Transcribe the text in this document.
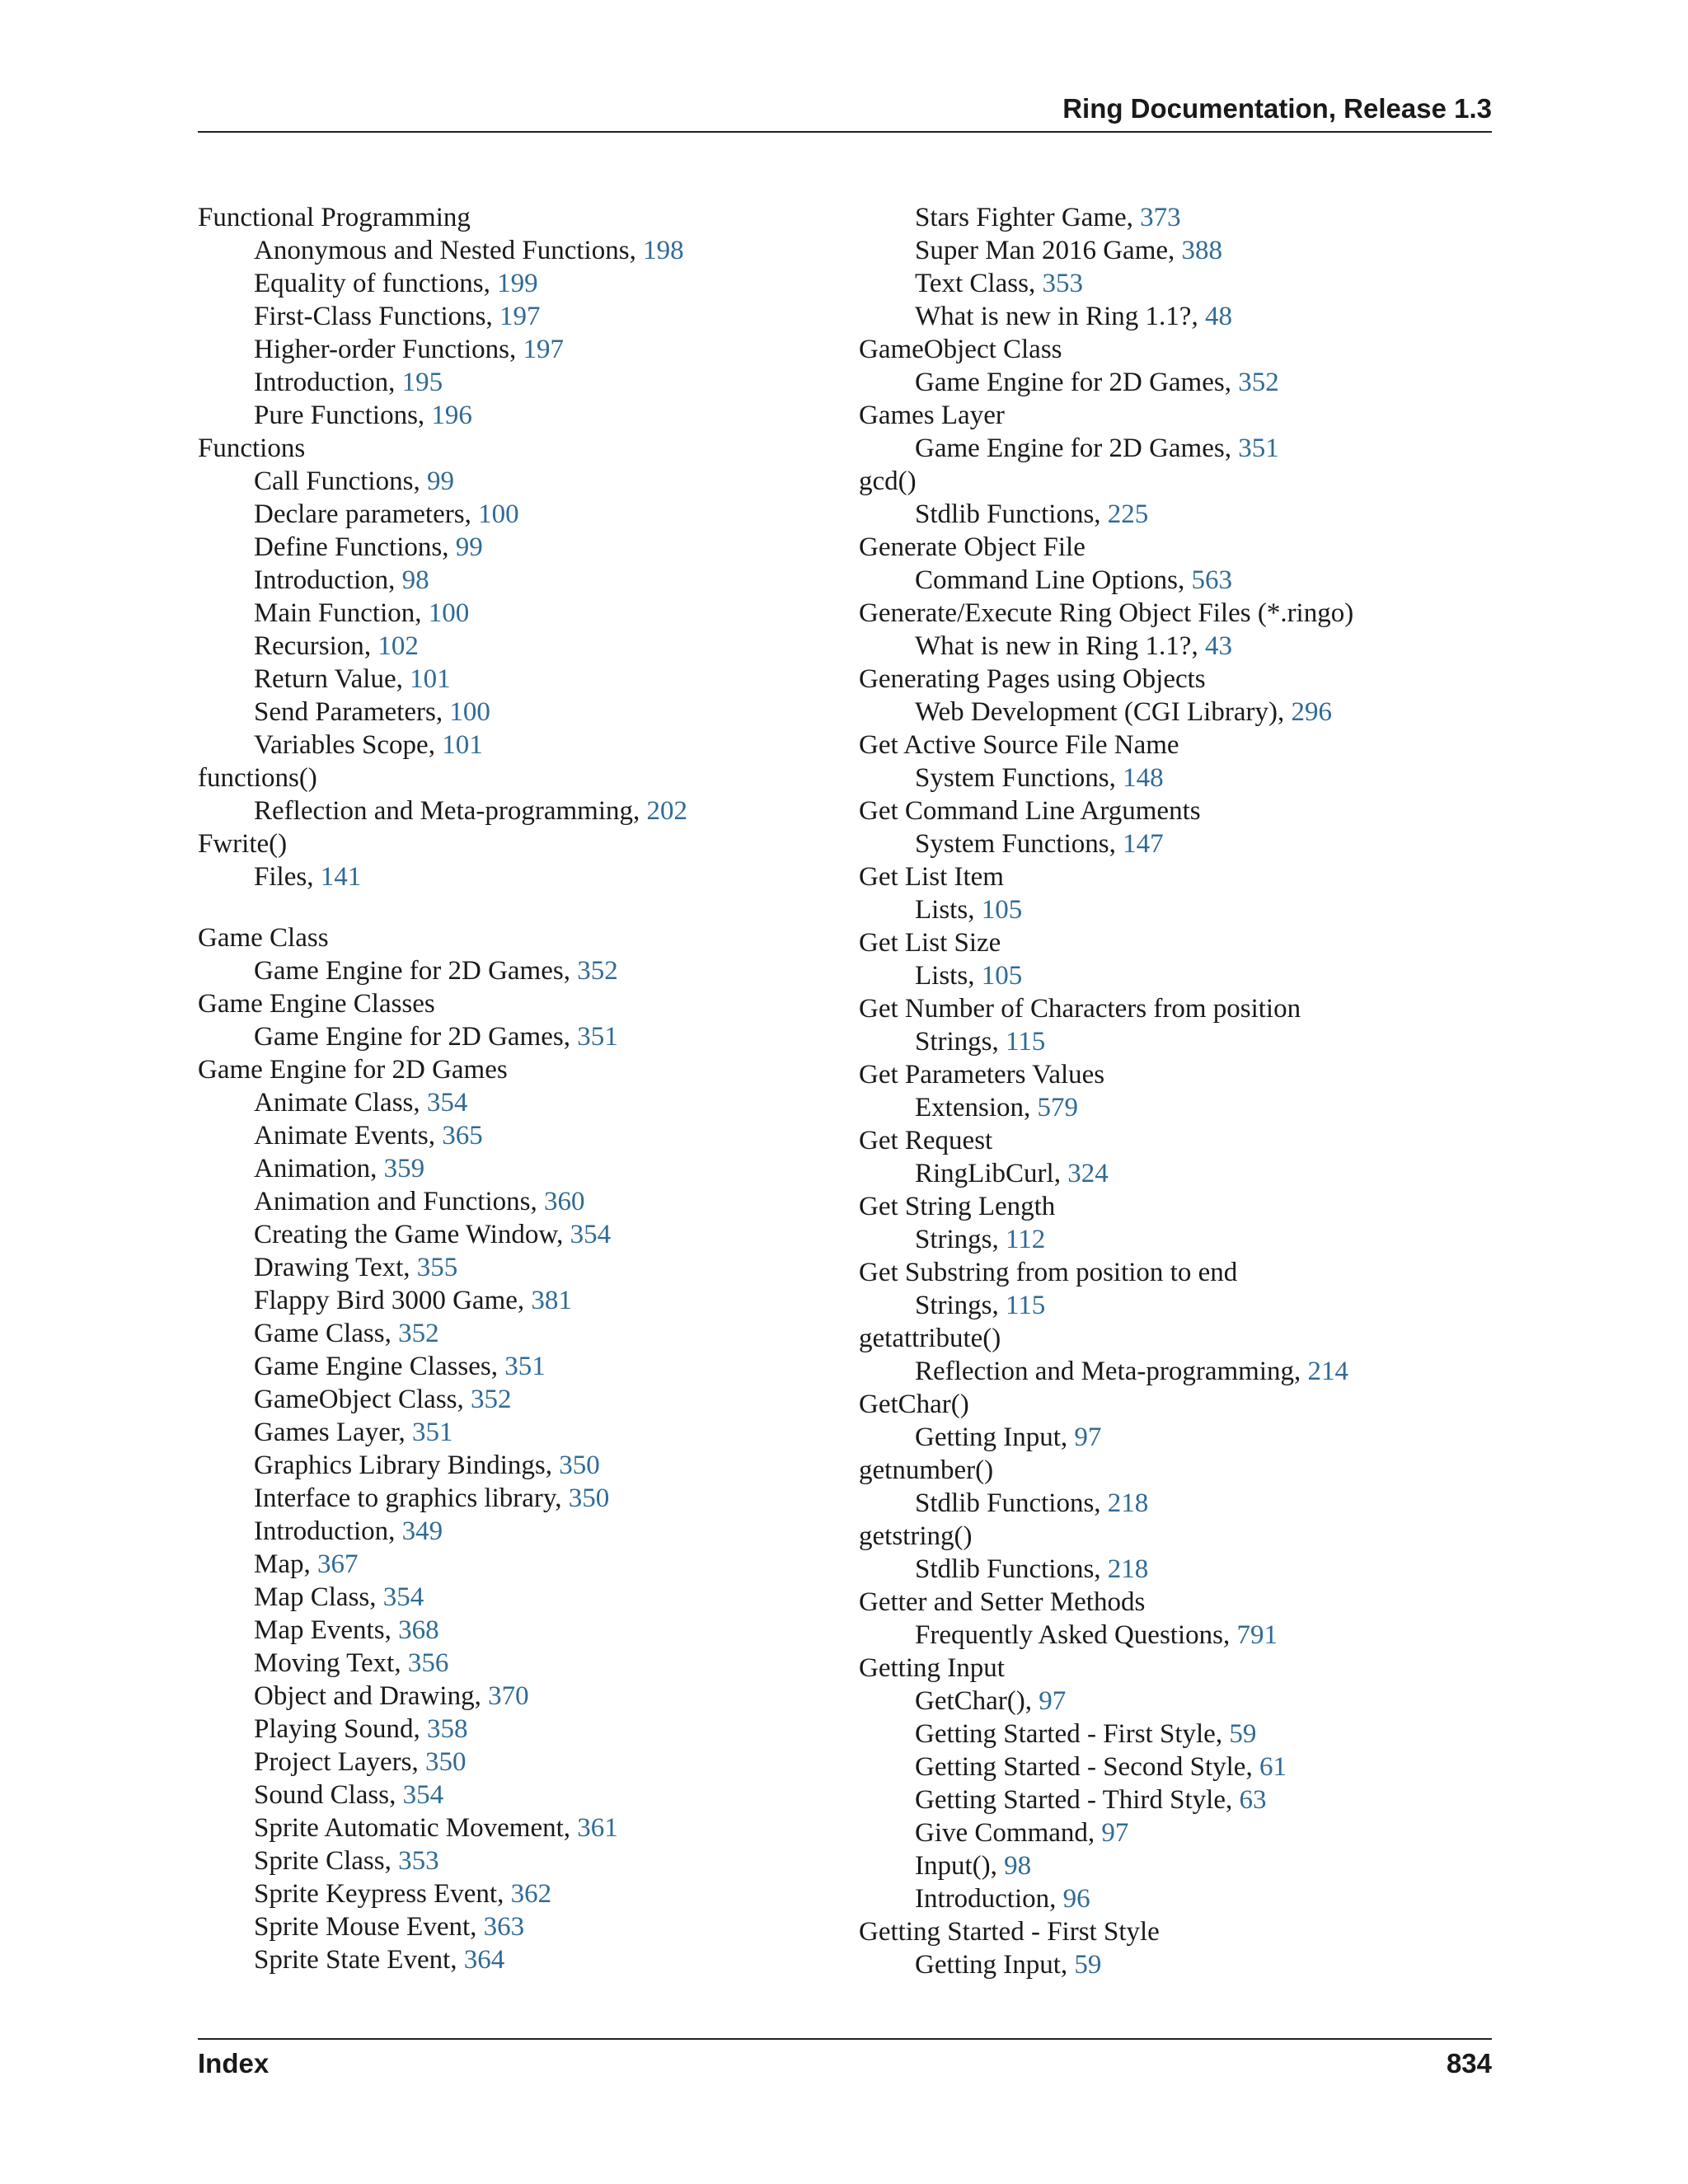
Ring Documentation, Release 1.3
Functional Programming
Anonymous and Nested Functions, 198
Equality of functions, 199
First-Class Functions, 197
Higher-order Functions, 197
Introduction, 195
Pure Functions, 196
Functions
Call Functions, 99
Declare parameters, 100
Define Functions, 99
Introduction, 98
Main Function, 100
Recursion, 102
Return Value, 101
Send Parameters, 100
Variables Scope, 101
functions()
Reflection and Meta-programming, 202
Fwrite()
Files, 141
Game Class
Game Engine for 2D Games, 352
Game Engine Classes
Game Engine for 2D Games, 351
Game Engine for 2D Games
Animate Class, 354
Animate Events, 365
Animation, 359
Animation and Functions, 360
Creating the Game Window, 354
Drawing Text, 355
Flappy Bird 3000 Game, 381
Game Class, 352
Game Engine Classes, 351
GameObject Class, 352
Games Layer, 351
Graphics Library Bindings, 350
Interface to graphics library, 350
Introduction, 349
Map, 367
Map Class, 354
Map Events, 368
Moving Text, 356
Object and Drawing, 370
Playing Sound, 358
Project Layers, 350
Sound Class, 354
Sprite Automatic Movement, 361
Sprite Class, 353
Sprite Keypress Event, 362
Sprite Mouse Event, 363
Sprite State Event, 364
Stars Fighter Game, 373
Super Man 2016 Game, 388
Text Class, 353
What is new in Ring 1.1?, 48
GameObject Class
Game Engine for 2D Games, 352
Games Layer
Game Engine for 2D Games, 351
gcd()
Stdlib Functions, 225
Generate Object File
Command Line Options, 563
Generate/Execute Ring Object Files (*.ringo)
What is new in Ring 1.1?, 43
Generating Pages using Objects
Web Development (CGI Library), 296
Get Active Source File Name
System Functions, 148
Get Command Line Arguments
System Functions, 147
Get List Item
Lists, 105
Get List Size
Lists, 105
Get Number of Characters from position
Strings, 115
Get Parameters Values
Extension, 579
Get Request
RingLibCurl, 324
Get String Length
Strings, 112
Get Substring from position to end
Strings, 115
getattribute()
Reflection and Meta-programming, 214
GetChar()
Getting Input, 97
getnumber()
Stdlib Functions, 218
getstring()
Stdlib Functions, 218
Getter and Setter Methods
Frequently Asked Questions, 791
Getting Input
GetChar(), 97
Getting Started - First Style, 59
Getting Started - Second Style, 61
Getting Started - Third Style, 63
Give Command, 97
Input(), 98
Introduction, 96
Getting Started - First Style
Getting Input, 59
Index	834
